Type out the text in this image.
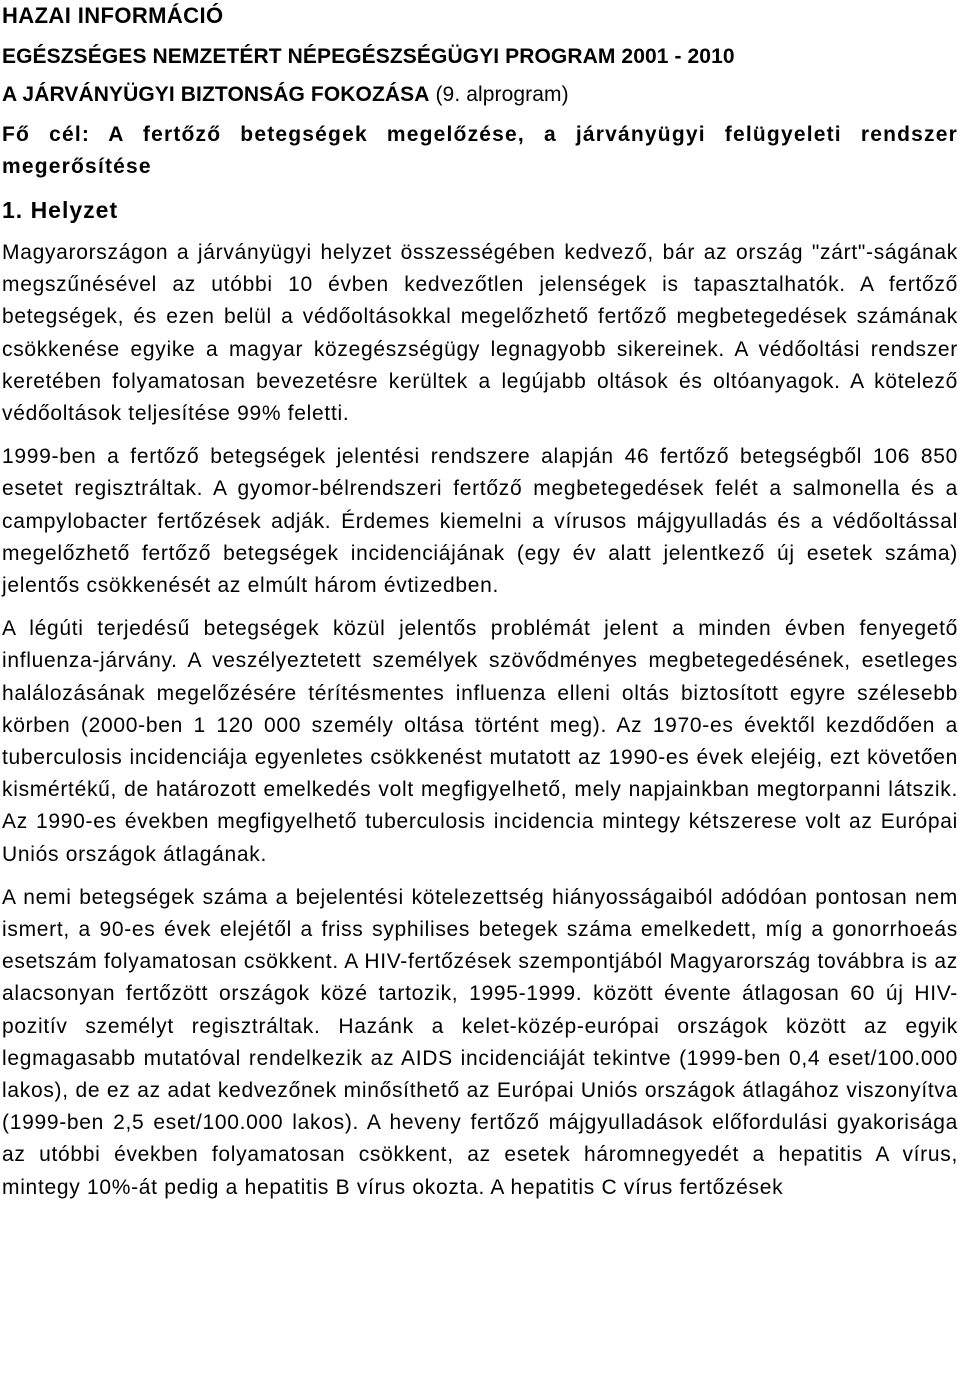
HAZAI INFORMÁCIÓ
EGÉSZSÉGES NEMZETÉRT NÉPEGÉSZSÉGÜGYI PROGRAM 2001 - 2010
A JÁRVÁNYÜGYI BIZTONSÁG FOKOZÁSA (9. alprogram)
Fő cél: A fertőző betegségek megelőzése, a járványügyi felügyeleti rendszer megerősítése
1. Helyzet

Magyarországon a járványügyi helyzet összességében kedvező, bár az ország "zárt"-ságának megszűnésével az utóbbi 10 évben kedvezőtlen jelenségek is tapasztalhatók. A fertőző betegségek, és ezen belül a védőoltásokkal megelőzhető fertőző megbetegedések számának csökkenése egyike a magyar közegészségügy legnagyobb sikereinek. A védőoltási rendszer keretében folyamatosan bevezetésre kerültek a legújabb oltások és oltóanyagok. A kötelező védőoltások teljesítése 99% feletti.

1999-ben a fertőző betegségek jelentési rendszere alapján 46 fertőző betegségből 106 850 esetet regisztráltak. A gyomor-bélrendszeri fertőző megbetegedések felét a salmonella és a campylobacter fertőzések adják. Érdemes kiemelni a vírusos májgyulladás és a védőoltással megelőzhető fertőző betegségek incidenciájának (egy év alatt jelentkező új esetek száma) jelentős csökkenését az elmúlt három évtizedben.

A légúti terjedésű betegségek közül jelentős problémát jelent a minden évben fenyegető influenza-járvány. A veszélyeztetett személyek szövődményes megbetegedésének, esetleges halálozásának megelőzésére térítésmentes influenza elleni oltás biztosított egyre szélesebb körben (2000-ben 1 120 000 személy oltása történt meg). Az 1970-es évektől kezdődően a tuberculosis incidenciája egyenletes csökkenést mutatott az 1990-es évek elejéig, ezt követően kismértékű, de határozott emelkedés volt megfigyelhető, mely napjainkban megtorpanni látszik. Az 1990-es években megfigyelhető tuberculosis incidencia mintegy kétszerese volt az Európai Uniós országok átlagának.

A nemi betegségek száma a bejelentési kötelezettség hiányosságaiból adódóan pontosan nem ismert, a 90-es évek elejétől a friss syphilises betegek száma emelkedett, míg a gonorrhoeás esetszám folyamatosan csökkent. A HIV-fertőzések szempontjából Magyarország továbbra is az alacsonyan fertőzött országok közé tartozik, 1995-1999. között évente átlagosan 60 új HIV-pozitív személyt regisztráltak. Hazánk a kelet-közép-európai országok között az egyik legmagasabb mutatóval rendelkezik az AIDS incidenciáját tekintve (1999-ben 0,4 eset/100.000 lakos), de ez az adat kedvezőnek minősíthető az Európai Uniós országok átlagához viszonyítva (1999-ben 2,5 eset/100.000 lakos). A heveny fertőző májgyulladások előfordulási gyakorisága az utóbbi években folyamatosan csökkent, az esetek háromnegyedét a hepatitis A vírus, mintegy 10%-át pedig a hepatitis B vírus okozta. A hepatitis C vírus fertőzések
